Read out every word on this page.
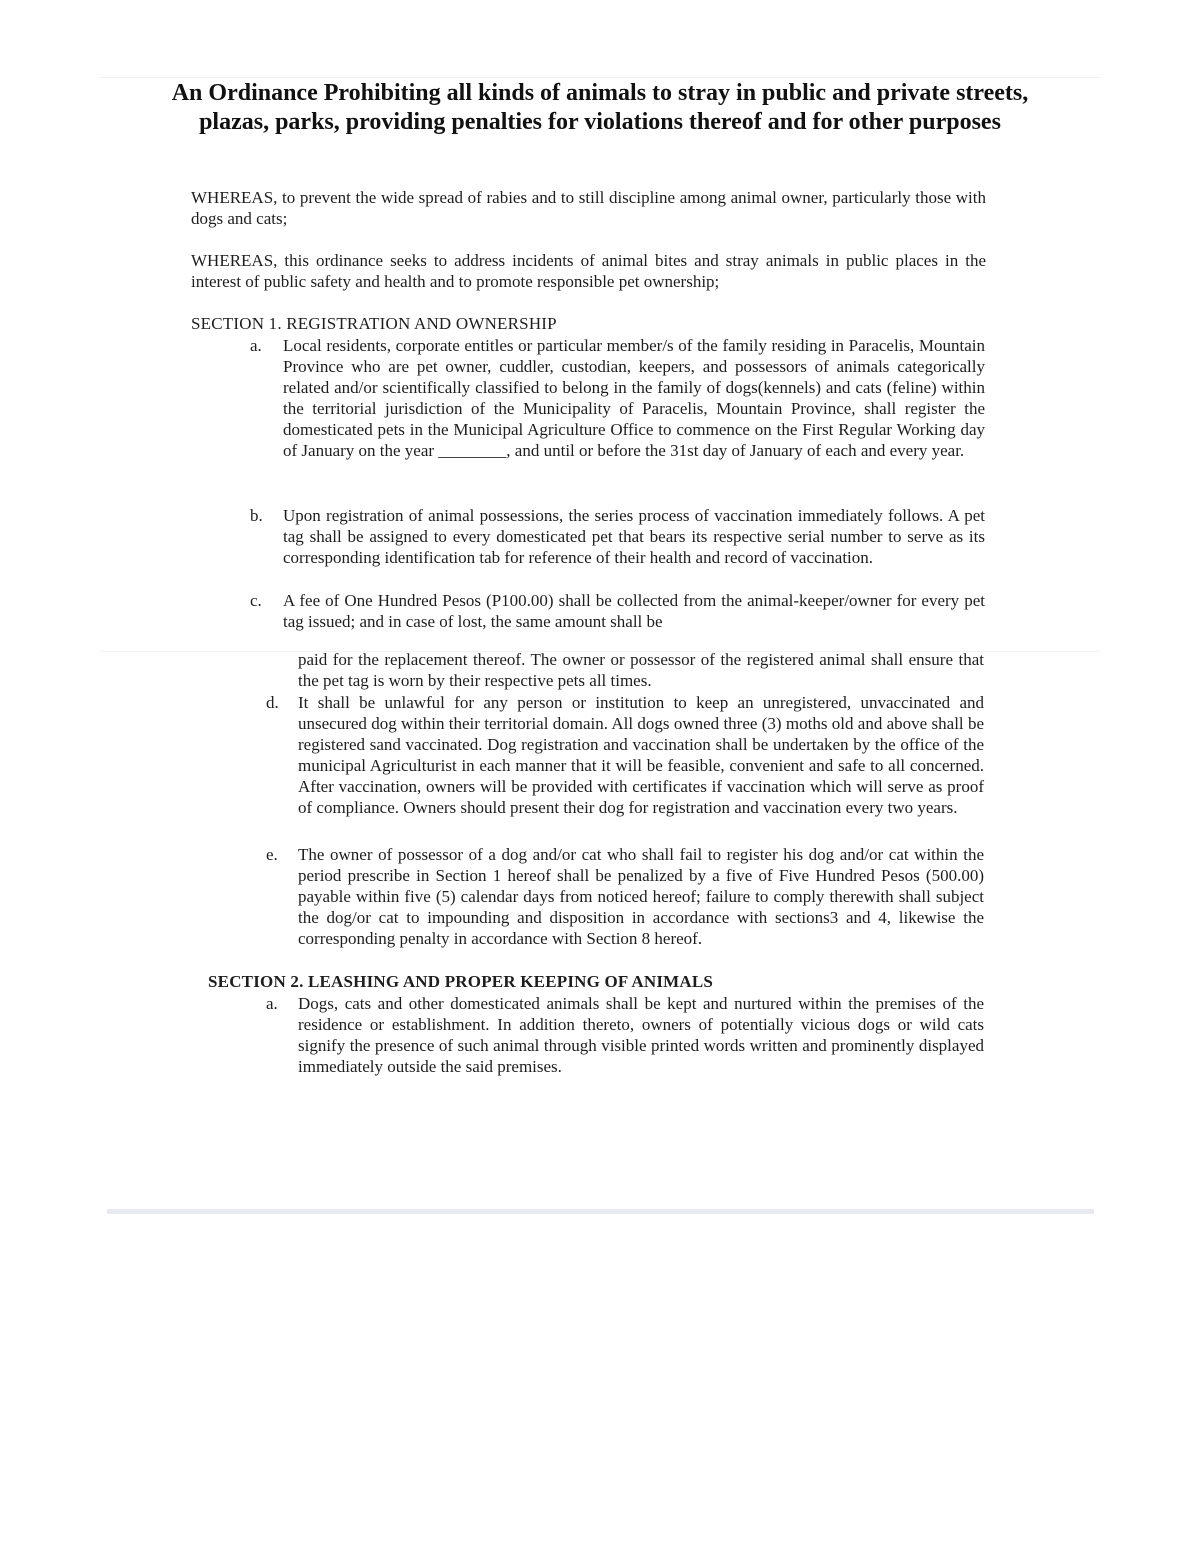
An Ordinance Prohibiting all kinds of animals to stray in public and private streets, plazas, parks, providing penalties for violations thereof and for other purposes

WHEREAS, to prevent the wide spread of rabies and to still discipline among animal owner, particularly those with dogs and cats;

WHEREAS, this ordinance seeks to address incidents of animal bites and stray animals in public places in the interest of public safety and health and to promote responsible pet ownership;

SECTION 1. REGISTRATION AND OWNERSHIP

a. Local residents, corporate entitles or particular member/s of the family residing in Paracelis, Mountain Province who are pet owner, cuddler, custodian, keepers, and possessors of animals categorically related and/or scientifically classified to belong in the family of dogs(kennels) and cats (feline) within the territorial jurisdiction of the Municipality of Paracelis, Mountain Province, shall register the domesticated pets in the Municipal Agriculture Office to commence on the First Regular Working day of January on the year ________, and until or before the 31st day of January of each and every year.
b. Upon registration of animal possessions, the series process of vaccination immediately follows. A pet tag shall be assigned to every domesticated pet that bears its respective serial number to serve as its corresponding identification tab for reference of their health and record of vaccination.
c. A fee of One Hundred Pesos (P100.00) shall be collected from the animal-keeper/owner for every pet tag issued; and in case of lost, the same amount shall be
paid for the replacement thereof. The owner or possessor of the registered animal shall ensure that the pet tag is worn by their respective pets all times.
d. It shall be unlawful for any person or institution to keep an unregistered, unvaccinated and unsecured dog within their territorial domain. All dogs owned three (3) moths old and above shall be registered sand vaccinated. Dog registration and vaccination shall be undertaken by the office of the municipal Agriculturist in each manner that it will be feasible, convenient and safe to all concerned. After vaccination, owners will be provided with certificates if vaccination which will serve as proof of compliance. Owners should present their dog for registration and vaccination every two years.
e. The owner of possessor of a dog and/or cat who shall fail to register his dog and/or cat within the period prescribe in Section 1 hereof shall be penalized by a five of Five Hundred Pesos (500.00) payable within five (5) calendar days from noticed hereof; failure to comply therewith shall subject the dog/or cat to impounding and disposition in accordance with sections3 and 4, likewise the corresponding penalty in accordance with Section 8 hereof.

SECTION 2. LEASHING AND PROPER KEEPING OF ANIMALS

a. Dogs, cats and other domesticated animals shall be kept and nurtured within the premises of the residence or establishment. In addition thereto, owners of potentially vicious dogs or wild cats signify the presence of such animal through visible printed words written and prominently displayed immediately outside the said premises.
